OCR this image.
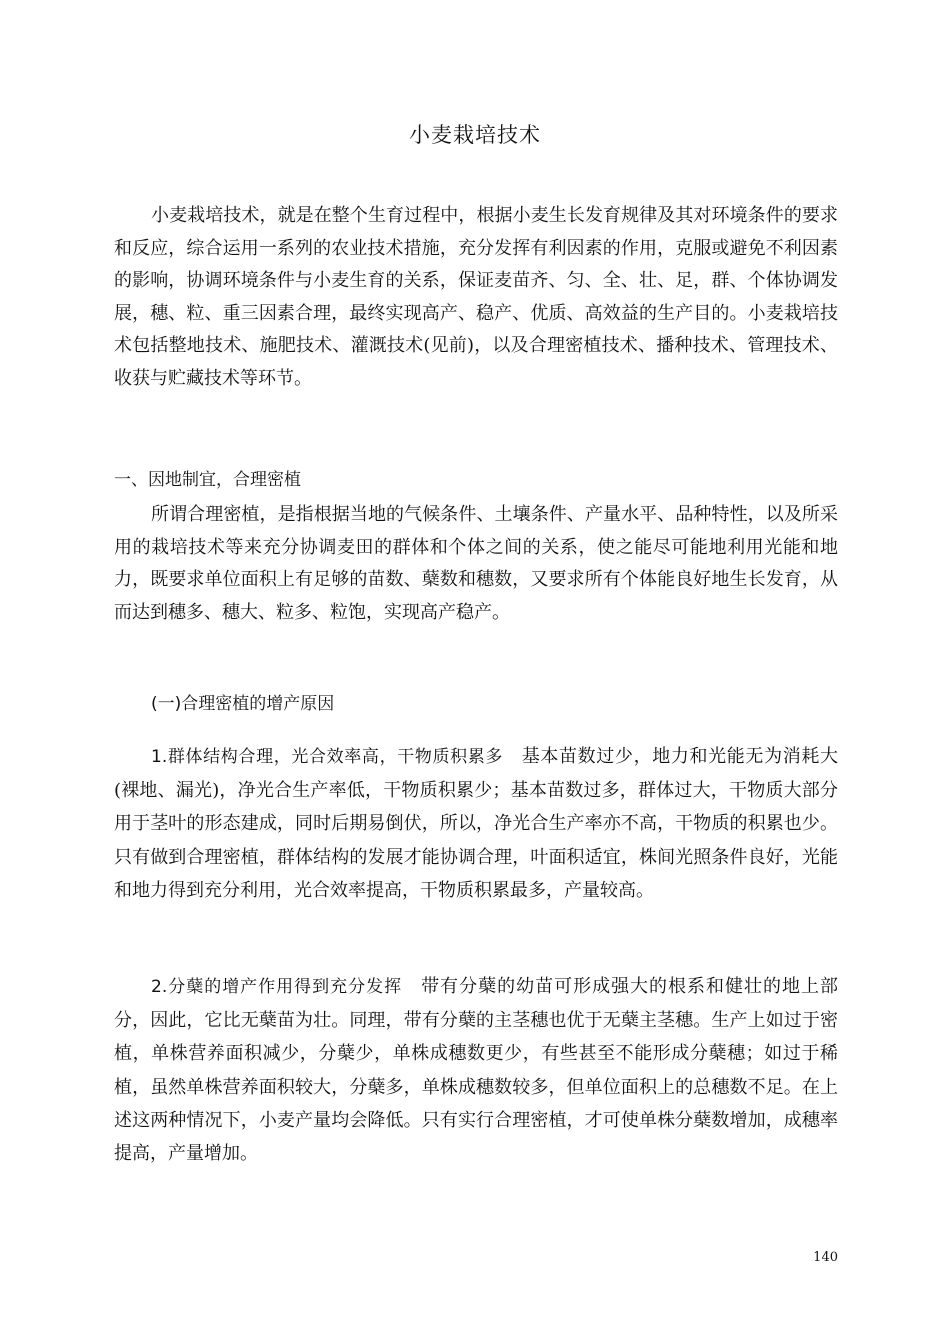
小麦栽培技术

小麦栽培技术，就是在整个生育过程中，根据小麦生长发育规律及其对环境条件的要求和反应，综合运用一系列的农业技术措施，充分发挥有利因素的作用，克服或避免不利因素的影响，协调环境条件与小麦生育的关系，保证麦苗齐、匀、全、壮、足，群、个体协调发展，穗、粒、重三因素合理，最终实现高产、稳产、优质、高效益的生产目的。小麦栽培技术包括整地技术、施肥技术、灌溉技术(见前)，以及合理密植技术、播种技术、管理技术、收获与贮藏技术等环节。

一、因地制宜，合理密植

所谓合理密植，是指根据当地的气候条件、土壤条件、产量水平、品种特性，以及所采用的栽培技术等来充分协调麦田的群体和个体之间的关系，使之能尽可能地利用光能和地力，既要求单位面积上有足够的苗数、蘖数和穗数，又要求所有个体能良好地生长发育，从而达到穗多、穗大、粒多、粒饱，实现高产稳产。

(一)合理密植的增产原因

1.群体结构合理，光合效率高，干物质积累多 基本苗数过少，地力和光能无为消耗大(裸地、漏光)，净光合生产率低，干物质积累少；基本苗数过多，群体过大，干物质大部分用于茎叶的形态建成，同时后期易倒伏，所以，净光合生产率亦不高，干物质的积累也少。只有做到合理密植，群体结构的发展才能协调合理，叶面积适宜，株间光照条件良好，光能和地力得到充分利用，光合效率提高，干物质积累最多，产量较高。

2.分蘖的增产作用得到充分发挥 带有分蘖的幼苗可形成强大的根系和健壮的地上部分，因此，它比无蘖苗为壮。同理，带有分蘖的主茎穗也优于无蘖主茎穗。生产上如过于密植，单株营养面积减少，分蘖少，单株成穗数更少，有些甚至不能形成分蘖穗；如过于稀植，虽然单株营养面积较大，分蘖多，单株成穗数较多，但单位面积上的总穗数不足。在上述这两种情况下，小麦产量均会降低。只有实行合理密植，才可使单株分蘖数增加，成穗率提高，产量增加。

140
